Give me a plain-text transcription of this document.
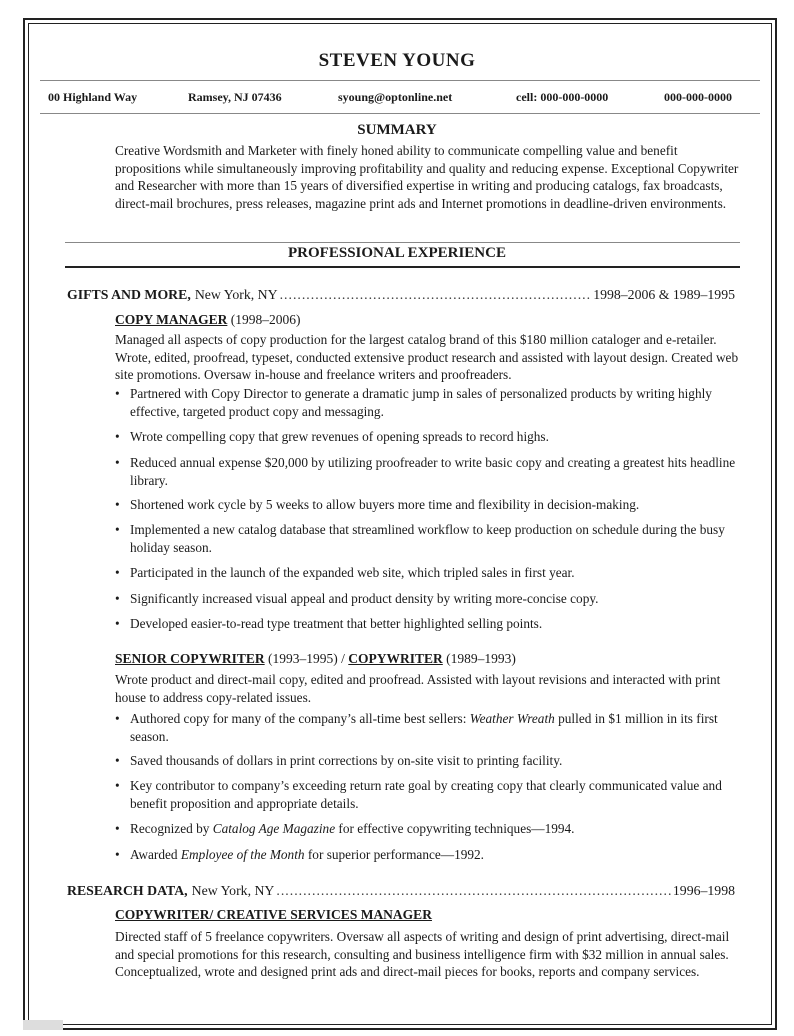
STEVEN YOUNG
00 Highland Way	Ramsey, NJ 07436	syoung@optonline.net	cell: 000-000-0000	000-000-0000
SUMMARY

Creative Wordsmith and Marketer with finely honed ability to communicate compelling value and benefit propositions while simultaneously improving profitability and quality and reducing expense. Exceptional Copywriter and Researcher with more than 15 years of diversified expertise in writing and producing catalogs, fax broadcasts, direct-mail brochures, press releases, magazine print ads and Internet promotions in deadline-driven environments.

PROFESSIONAL EXPERIENCE
GIFTS AND MORE, New York, NY .....	1998–2006 & 1989–1995
COPY MANAGER (1998–2006)

Managed all aspects of copy production for the largest catalog brand of this $180 million cataloger and e-retailer. Wrote, edited, proofread, typeset, conducted extensive product research and assisted with layout design. Created web site promotions. Oversaw in-house and freelance writers and proofreaders.

• Partnered with Copy Director to generate a dramatic jump in sales of personalized products by writing highly effective, targeted product copy and messaging.
• Wrote compelling copy that grew revenues of opening spreads to record highs.
• Reduced annual expense $20,000 by utilizing proofreader to write basic copy and creating a greatest hits headline library.
• Shortened work cycle by 5 weeks to allow buyers more time and flexibility in decision-making.
• Implemented a new catalog database that streamlined workflow to keep production on schedule during the busy holiday season.
• Participated in the launch of the expanded web site, which tripled sales in first year.
• Significantly increased visual appeal and product density by writing more-concise copy.
• Developed easier-to-read type treatment that better highlighted selling points.
SENIOR COPYWRITER (1993–1995) / COPYWRITER (1989–1993)

Wrote product and direct-mail copy, edited and proofread. Assisted with layout revisions and interacted with print house to address copy-related issues.

• Authored copy for many of the company’s all-time best sellers: Weather Wreath pulled in $1 million in its first season.
• Saved thousands of dollars in print corrections by on-site visit to printing facility.
• Key contributor to company’s exceeding return rate goal by creating copy that clearly communicated value and benefit proposition and appropriate details.
• Recognized by Catalog Age Magazine for effective copywriting techniques—1994.
• Awarded Employee of the Month for superior performance—1992.
RESEARCH DATA, New York, NY .....	1996–1998
COPYWRITER/ CREATIVE SERVICES MANAGER

Directed staff of 5 freelance copywriters. Oversaw all aspects of writing and design of print advertising, direct-mail and special promotions for this research, consulting and business intelligence firm with $32 million in annual sales. Conceptualized, wrote and designed print ads and direct-mail pieces for books, reports and company services.
